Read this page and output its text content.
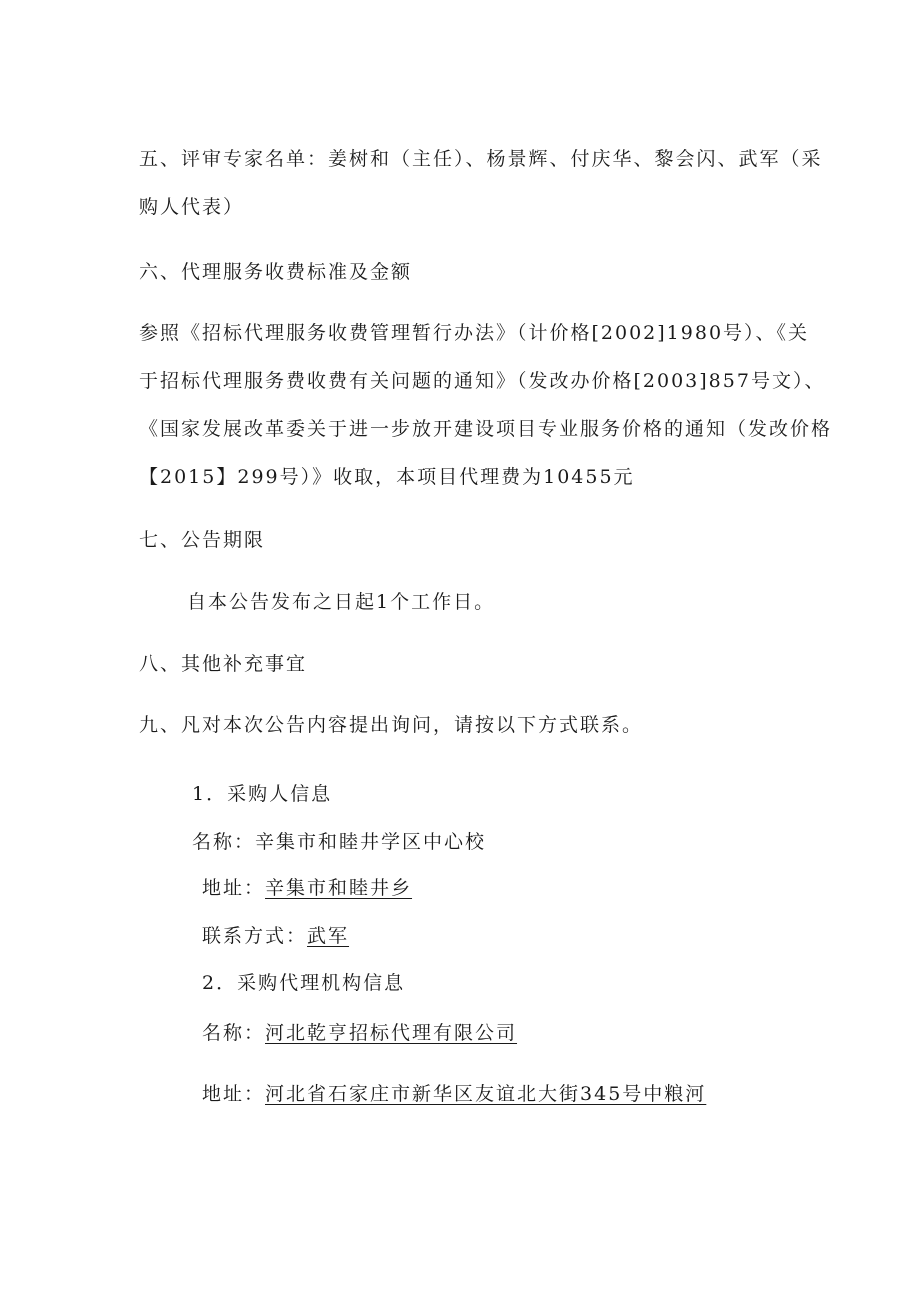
五、评审专家名单：姜树和（主任）、杨景辉、付庆华、黎会闪、武军（采
购人代表）
六、代理服务收费标准及金额
参照《招标代理服务收费管理暂行办法》（计价格[2002]1980号）、《关
于招标代理服务费收费有关问题的通知》（发改办价格[2003]857号文）、
《国家发展改革委关于进一步放开建设项目专业服务价格的通知（发改价格
【2015】299号）》收取，本项目代理费为10455元
七、公告期限
自本公告发布之日起1个工作日。
八、其他补充事宜
九、凡对本次公告内容提出询问，请按以下方式联系。
1．采购人信息
名称：辛集市和睦井学区中心校
地址：辛集市和睦井乡
联系方式：武军
2．采购代理机构信息
名称：河北乾亨招标代理有限公司
地址：河北省石家庄市新华区友谊北大街345号中粮河
